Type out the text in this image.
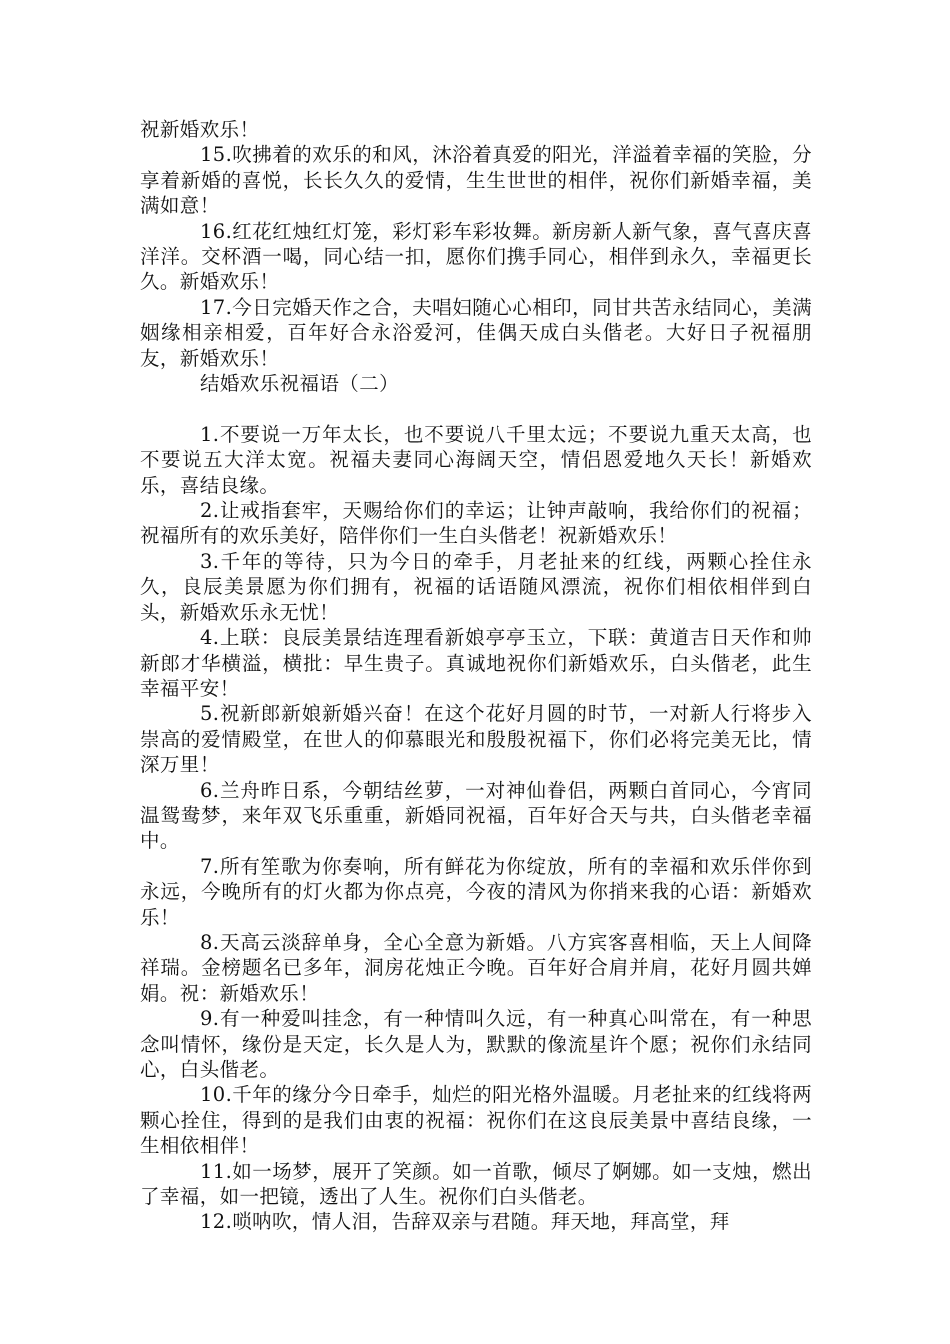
祝新婚欢乐！

15.吹拂着的欢乐的和风，沐浴着真爱的阳光，洋溢着幸福的笑脸，分享着新婚的喜悦，长长久久的爱情，生生世世的相伴，祝你们新婚幸福，美满如意！

16.红花红烛红灯笼，彩灯彩车彩妆舞。新房新人新气象，喜气喜庆喜洋洋。交杯酒一喝，同心结一扣，愿你们携手同心，相伴到永久，幸福更长久。新婚欢乐！

17.今日完婚天作之合，夫唱妇随心心相印，同甘共苦永结同心，美满姻缘相亲相爱，百年好合永浴爱河，佳偶天成白头偕老。大好日子祝福朋友，新婚欢乐！

结婚欢乐祝福语（二）

1.不要说一万年太长，也不要说八千里太远；不要说九重天太高，也不要说五大洋太宽。祝福夫妻同心海阔天空，情侣恩爱地久天长！新婚欢乐，喜结良缘。

2.让戒指套牢，天赐给你们的幸运；让钟声敲响，我给你们的祝福；祝福所有的欢乐美好，陪伴你们一生白头偕老！祝新婚欢乐！

3.千年的等待，只为今日的牵手，月老扯来的红线，两颗心拴住永久，良辰美景愿为你们拥有，祝福的话语随风漂流，祝你们相依相伴到白头，新婚欢乐永无忧！

4.上联：良辰美景结连理看新娘亭亭玉立，下联：黄道吉日天作和帅新郎才华横溢，横批：早生贵子。真诚地祝你们新婚欢乐，白头偕老，此生幸福平安！

5.祝新郎新娘新婚兴奋！在这个花好月圆的时节，一对新人行将步入崇高的爱情殿堂，在世人的仰慕眼光和殷殷祝福下，你们必将完美无比，情深万里！

6.兰舟昨日系，今朝结丝萝，一对神仙眷侣，两颗白首同心，今宵同温鸳鸯梦，来年双飞乐重重，新婚同祝福，百年好合天与共，白头偕老幸福中。

7.所有笙歌为你奏响，所有鲜花为你绽放，所有的幸福和欢乐伴你到永远，今晚所有的灯火都为你点亮，今夜的清风为你捎来我的心语：新婚欢乐！

8.天高云淡辞单身，全心全意为新婚。八方宾客喜相临，天上人间降祥瑞。金榜题名已多年，洞房花烛正今晚。百年好合肩并肩，花好月圆共婵娟。祝：新婚欢乐！

9.有一种爱叫挂念，有一种情叫久远，有一种真心叫常在，有一种思念叫情怀，缘份是天定，长久是人为，默默的像流星许个愿；祝你们永结同心，白头偕老。

10.千年的缘分今日牵手，灿烂的阳光格外温暖。月老扯来的红线将两颗心拴住，得到的是我们由衷的祝福：祝你们在这良辰美景中喜结良缘，一生相依相伴！

11.如一场梦，展开了笑颜。如一首歌，倾尽了婀娜。如一支烛，燃出了幸福，如一把镜，透出了人生。祝你们白头偕老。

12.唢呐吹，情人泪，告辞双亲与君随。拜天地，拜高堂，拜
